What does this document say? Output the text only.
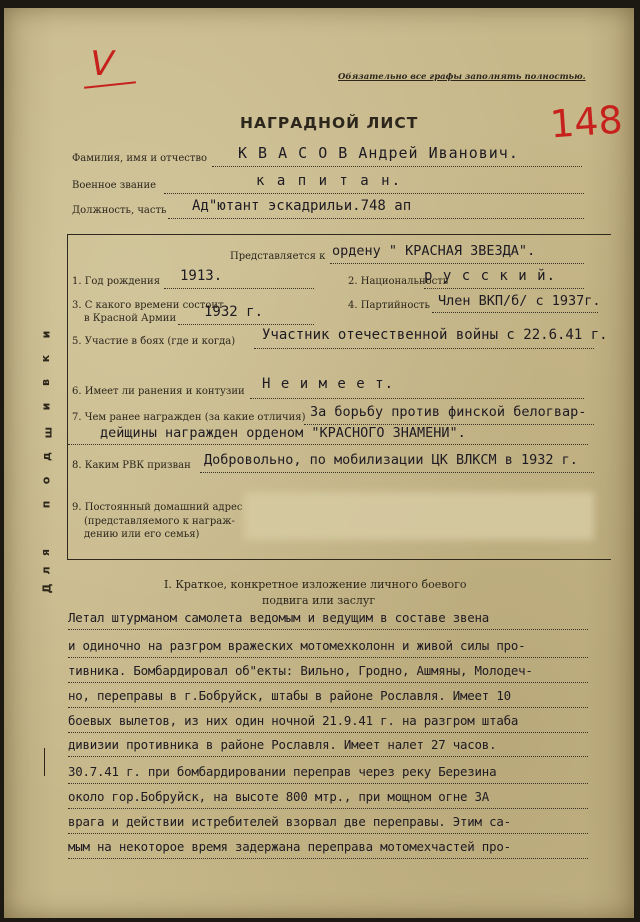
V
148
Обязательно все графы заполнять полностью.
НАГРАДНОЙ ЛИСТ
Фамилия, имя и отчество К В А С О В Андрей Иванович.
Военное звание	к а п и т а н.
Должность, часть Ад"ютант эскадрильи.748 ап
Д
л
я
п
о
д
ш
и
в
к
и
Представляется к ордену " КРАСНАЯ ЗВЕЗДА".
1. Год рождения 1913.	2. Национальность
р у с с к и й.
3. С какого времени состоит
в Красной Армии 1932 г.	4. Партийность Член ВКП/б/ с 1937г.
5. Участие в боях (где и когда) Участник отечественной войны с 22.6.41 г.
6. Имеет ли ранения и контузии Н е и м е е т.
7. Чем ранее награжден (за какие отличия) За борьбу против финской белогвар-
дейщины награжден орденом "КРАСНОГО ЗНАМЕНИ".
8. Каким РВК призван Добровольно, по мобилизации ЦК ВЛКСМ в 1932 г.
9. Постоянный домашний адрес
(представляемого к награж-
дению или его семья)
I. Краткое, конкретное изложение личного боевого
подвига или заслуг
Летал штурманом самолета ведомым и ведущим в составе звена
и одиночно на разгром вражеских мотомехколонн и живой силы про-
тивника. Бомбардировал об"екты: Вильно, Гродно, Ашмяны, Молодеч-
но, переправы в г.Бобруйск, штабы в районе Рославля. Имеет 10
боевых вылетов, из них один ночной 21.9.41 г. на разгром штаба
дивизии противника в районе Рославля. Имеет налет 27 часов.
30.7.41 г. при бомбардировании переправ через реку Березина
около гор.Бобруйск, на высоте 800 мтр., при мощном огне ЗА
врага и действии истребителей взорвал две переправы. Этим са-
мым на некоторое время задержана переправа мотомехчастей про-
